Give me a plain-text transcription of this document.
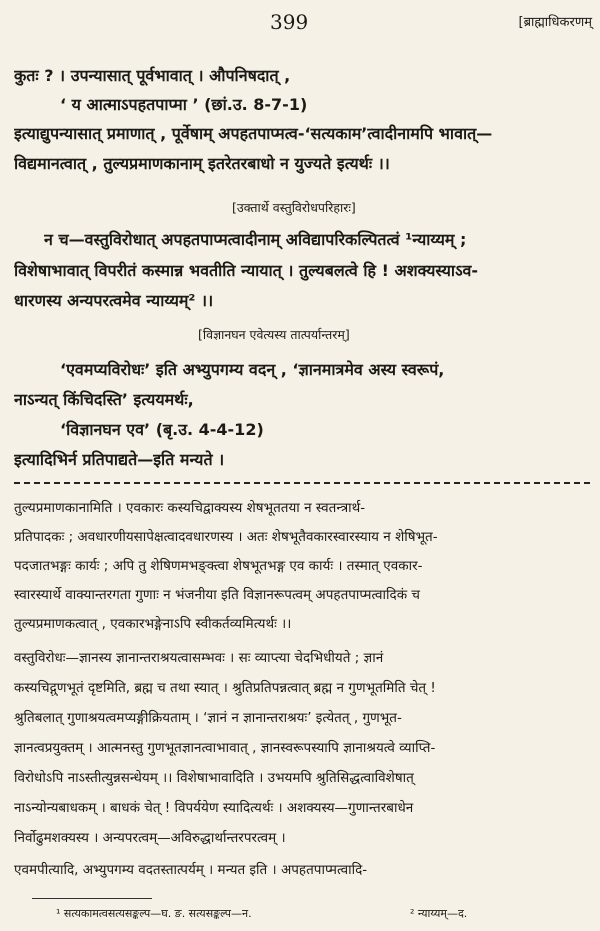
399	[ब्राह्माधिकरणम्
कुतः ? । उपन्यासात् पूर्वभावात् । औपनिषदात् ,
‘ य आत्माऽपहतपाप्मा ’ (छां.उ. 8-7-1)
इत्याद्युपन्यासात् प्रमाणात् , पूर्वेषाम् अपहतपाप्मत्व-‘सत्यकाम’त्वादीनामपि भावात्—
विद्यमानत्वात् , तुल्यप्रमाणकानाम् इतरेतरबाधो न युज्यते इत्यर्थः ।।
[उक्तार्थे वस्तुविरोधपरिहारः]
न च—वस्तुविरोधात् अपहतपाप्मत्वादीनाम् अविद्यापरिकल्पितत्वं ¹न्याय्यम् ;
विशेषाभावात् विपरीतं कस्मान्न भवतीति न्यायात् । तुल्यबलत्वे हि ! अशक्यस्याऽव-
धारणस्य अन्यपरत्वमेव न्याय्यम्² ।।
[विज्ञानघन एवेत्यस्य तात्पर्यान्तरम्]
‘एवमप्यविरोधः’ इति अभ्युपगम्य वदन् , ‘ज्ञानमात्रमेव अस्य स्वरूपं,
नाऽन्यत् किंचिदस्ति’ इत्ययमर्थः,
‘विज्ञानघन एव’ (बृ.उ. 4-4-12)
इत्यादिभिर्न प्रतिपाद्यते—इति मन्यते ।
तुल्यप्रमाणकानामिति । एवकारः कस्यचिद्वाक्यस्य शेषभूततया न स्वतन्त्रार्थ-
प्रतिपादकः ; अवधारणीयसापेक्षत्वादवधारणस्य । अतः शेषभूतैवकारस्वारस्याय न शेषिभूत-
पदजातभङ्गः कार्यः ; अपि तु शेषिणमभङ्क्त्वा शेषभूतभङ्ग एव कार्यः । तस्मात् एवकार-
स्वारस्यार्थे वाक्यान्तरगता गुणाः न भंजनीया इति विज्ञानरूपत्वम् अपहतपाप्मत्वादिकं च
तुल्यप्रमाणकत्वात् , एवकारभङ्गेनाऽपि स्वीकर्तव्यमित्यर्थः ।।
वस्तुविरोधः—ज्ञानस्य ज्ञानान्तराश्रयत्वासम्भवः । सः व्याप्त्या चेदभिधीयते ; ज्ञानं
कस्यचिद्गुणभूतं दृष्टमिति, ब्रह्म च तथा स्यात् । श्रुतिप्रतिपन्नत्वात् ब्रह्म न गुणभूतमिति चेत् !
श्रुतिबलात् गुणाश्रयत्वमप्यङ्गीक्रियताम् । ‘ज्ञानं न ज्ञानान्तराश्रयः’ इत्येतत् , गुणभूत-
ज्ञानत्वप्रयुक्तम् । आत्मनस्तु गुणभूतज्ञानत्वाभावात् , ज्ञानस्वरूपस्यापि ज्ञानाश्रयत्वे व्याप्ति-
विरोधोऽपि नाऽस्तीत्युन्नसन्धेयम् ।। विशेषाभावादिति । उभयमपि श्रुतिसिद्धत्वाविशेषात्
नाऽन्योन्यबाधकम् । बाधकं चेत् ! विपर्ययेण स्यादित्यर्थः । अशक्यस्य—गुणान्तरबाधेन
निर्वोढुमशक्यस्य । अन्यपरत्वम्—अविरुद्धार्थान्तरपरत्वम् ।
एवमपीत्यादि, अभ्युपगम्य वदतस्तात्पर्यम् । मन्यत इति । अपहतपाप्मत्वादि-
¹ सत्यकामत्वसत्यसङ्कल्प—घ. ङ. सत्यसङ्कल्प—न.	² न्याय्यम्—द.
